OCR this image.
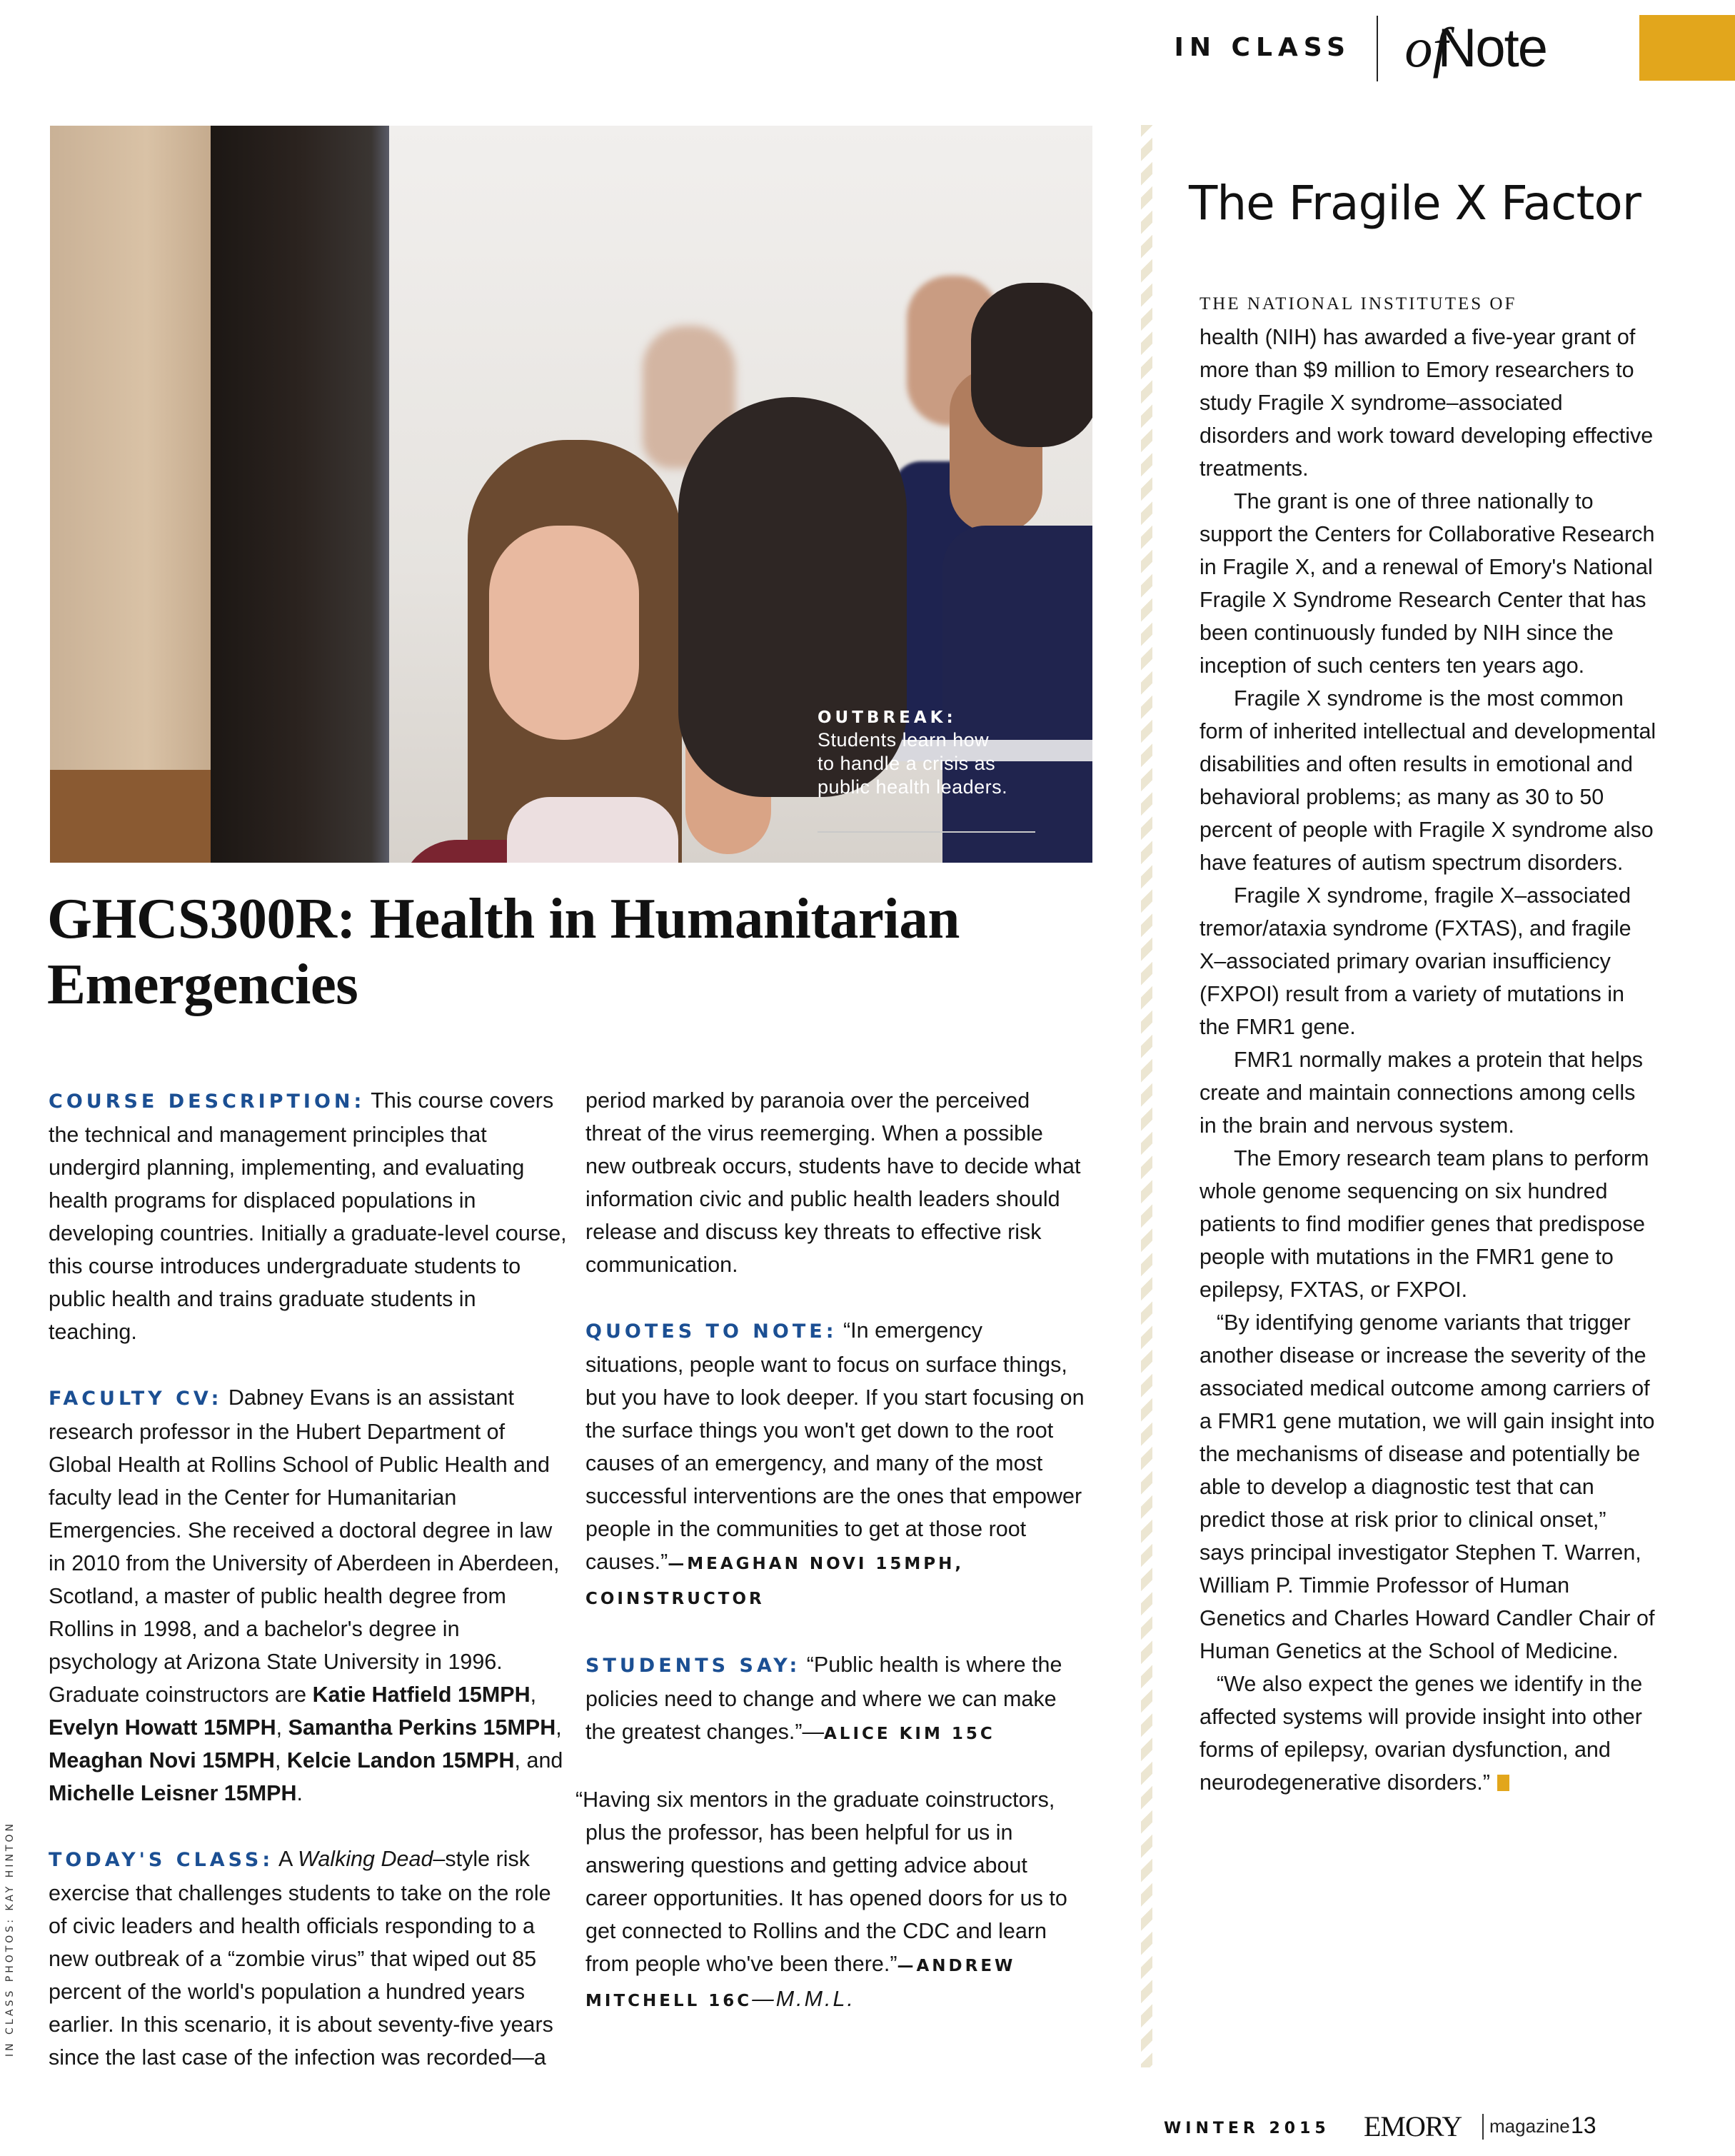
IN CLASS of
Note
OUTBREAK:
Students learn how
to handle a crisis as
public health leaders.
IN CLASS PHOTOS: KAY HINTON
GHCS300R: Health in Humanitarian Emergencies

COURSE DESCRIPTION: This course covers the technical and management principles that undergird planning, implementing, and evaluating health programs for displaced populations in developing countries. Initially a graduate-level course, this course introduces undergraduate students to public health and trains graduate students in teaching.

FACULTY CV: Dabney Evans is an assistant research professor in the Hubert Department of Global Health at Rollins School of Public Health and faculty lead in the Center for Humanitarian Emergencies. She received a doctoral degree in law in 2010 from the University of Aberdeen in Aberdeen, Scotland, a master of public health degree from Rollins in 1998, and a bachelor's degree in psychology at Arizona State University in 1996. Graduate coinstructors are Katie Hatfield 15MPH, Evelyn Howatt 15MPH, Samantha Perkins 15MPH, Meaghan Novi 15MPH, Kelcie Landon 15MPH, and Michelle Leisner 15MPH.

TODAY'S CLASS: A Walking Dead–style risk exercise that challenges students to take on the role of civic leaders and health officials responding to a new outbreak of a “zombie virus” that wiped out 85 percent of the world's population a hundred years earlier. In this scenario, it is about seventy-five years since the last case of the infection was recorded—a

period marked by paranoia over the perceived threat of the virus reemerging. When a possible new outbreak occurs, students have to decide what information civic and public health leaders should release and discuss key threats to effective risk communication.

QUOTES TO NOTE: “In emergency situations, people want to focus on surface things, but you have to look deeper. If you start focusing on the surface things you won't get down to the root causes of an emergency, and many of the most successful interventions are the ones that empower people in the communities to get at those root causes.”—MEAGHAN NOVI 15MPH, COINSTRUCTOR

STUDENTS SAY: “Public health is where the policies need to change and where we can make the greatest changes.”—ALICE KIM 15C

“Having six mentors in the graduate coinstructors, plus the professor, has been helpful for us in answering questions and getting advice about career opportunities. It has opened doors for us to get connected to Rollins and the CDC and learn from people who've been there.”—ANDREW MITCHELL 16C—M.M.L.

The Fragile X Factor

THE NATIONAL INSTITUTES OF
health (NIH) has awarded a five-year grant of more than $9 million to Emory researchers to study Fragile X syndrome–associated disorders and work toward developing effective treatments.

The grant is one of three nationally to support the Centers for Collaborative Research in Fragile X, and a renewal of Emory's National Fragile X Syndrome Research Center that has been continuously funded by NIH since the inception of such centers ten years ago.

Fragile X syndrome is the most common form of inherited intellectual and developmental disabilities and often results in emotional and behavioral problems; as many as 30 to 50 percent of people with Fragile X syndrome also have features of autism spectrum disorders.

Fragile X syndrome, fragile X–associated tremor/ataxia syndrome (FXTAS), and fragile X–associated primary ovarian insufficiency (FXPOI) result from a variety of mutations in the FMR1 gene.

FMR1 normally makes a protein that helps create and maintain connections among cells in the brain and nervous system.

The Emory research team plans to perform whole genome sequencing on six hundred patients to find modifier genes that predispose people with mutations in the FMR1 gene to epilepsy, FXTAS, or FXPOI.

“By identifying genome variants that trigger another disease or increase the severity of the associated medical outcome among carriers of a FMR1 gene mutation, we will gain insight into the mechanisms of disease and potentially be able to develop a diagnostic test that can predict those at risk prior to clinical onset,” says principal investigator Stephen T. Warren, William P. Timmie Professor of Human Genetics and Charles Howard Candler Chair of Human Genetics at the School of Medicine.

“We also expect the genes we identify in the affected systems will provide insight into other forms of epilepsy, ovarian dysfunction, and neurodegenerative disorders.”

WINTER 2015 EMORY magazine 13
